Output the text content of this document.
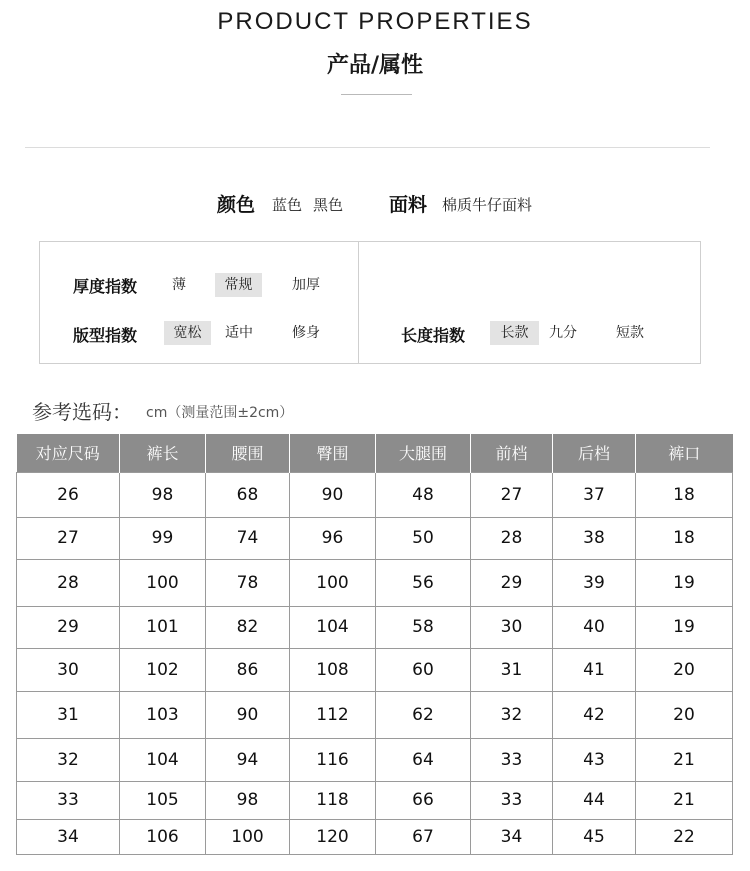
PRODUCT PROPERTIES
产品/属性
颜色 蓝色 黑色 面料 棉质牛仔面料
厚度指数	薄	常规	加厚
版型指数	宽松	适中	修身	长度指数	长款	九分	短款
参考选码： cm（测量范围±2cm）
对应尺码	裤长	腰围	臀围	大腿围	前档	后档	裤口
26	98	68	90	48	27	37	18
27	99	74	96	50	28	38	18
28	100	78	100	56	29	39	19
29	101	82	104	58	30	40	19
30	102	86	108	60	31	41	20
31	103	90	112	62	32	42	20
32	104	94	116	64	33	43	21
33	105	98	118	66	33	44	21
34	106	100	120	67	34	45	22
